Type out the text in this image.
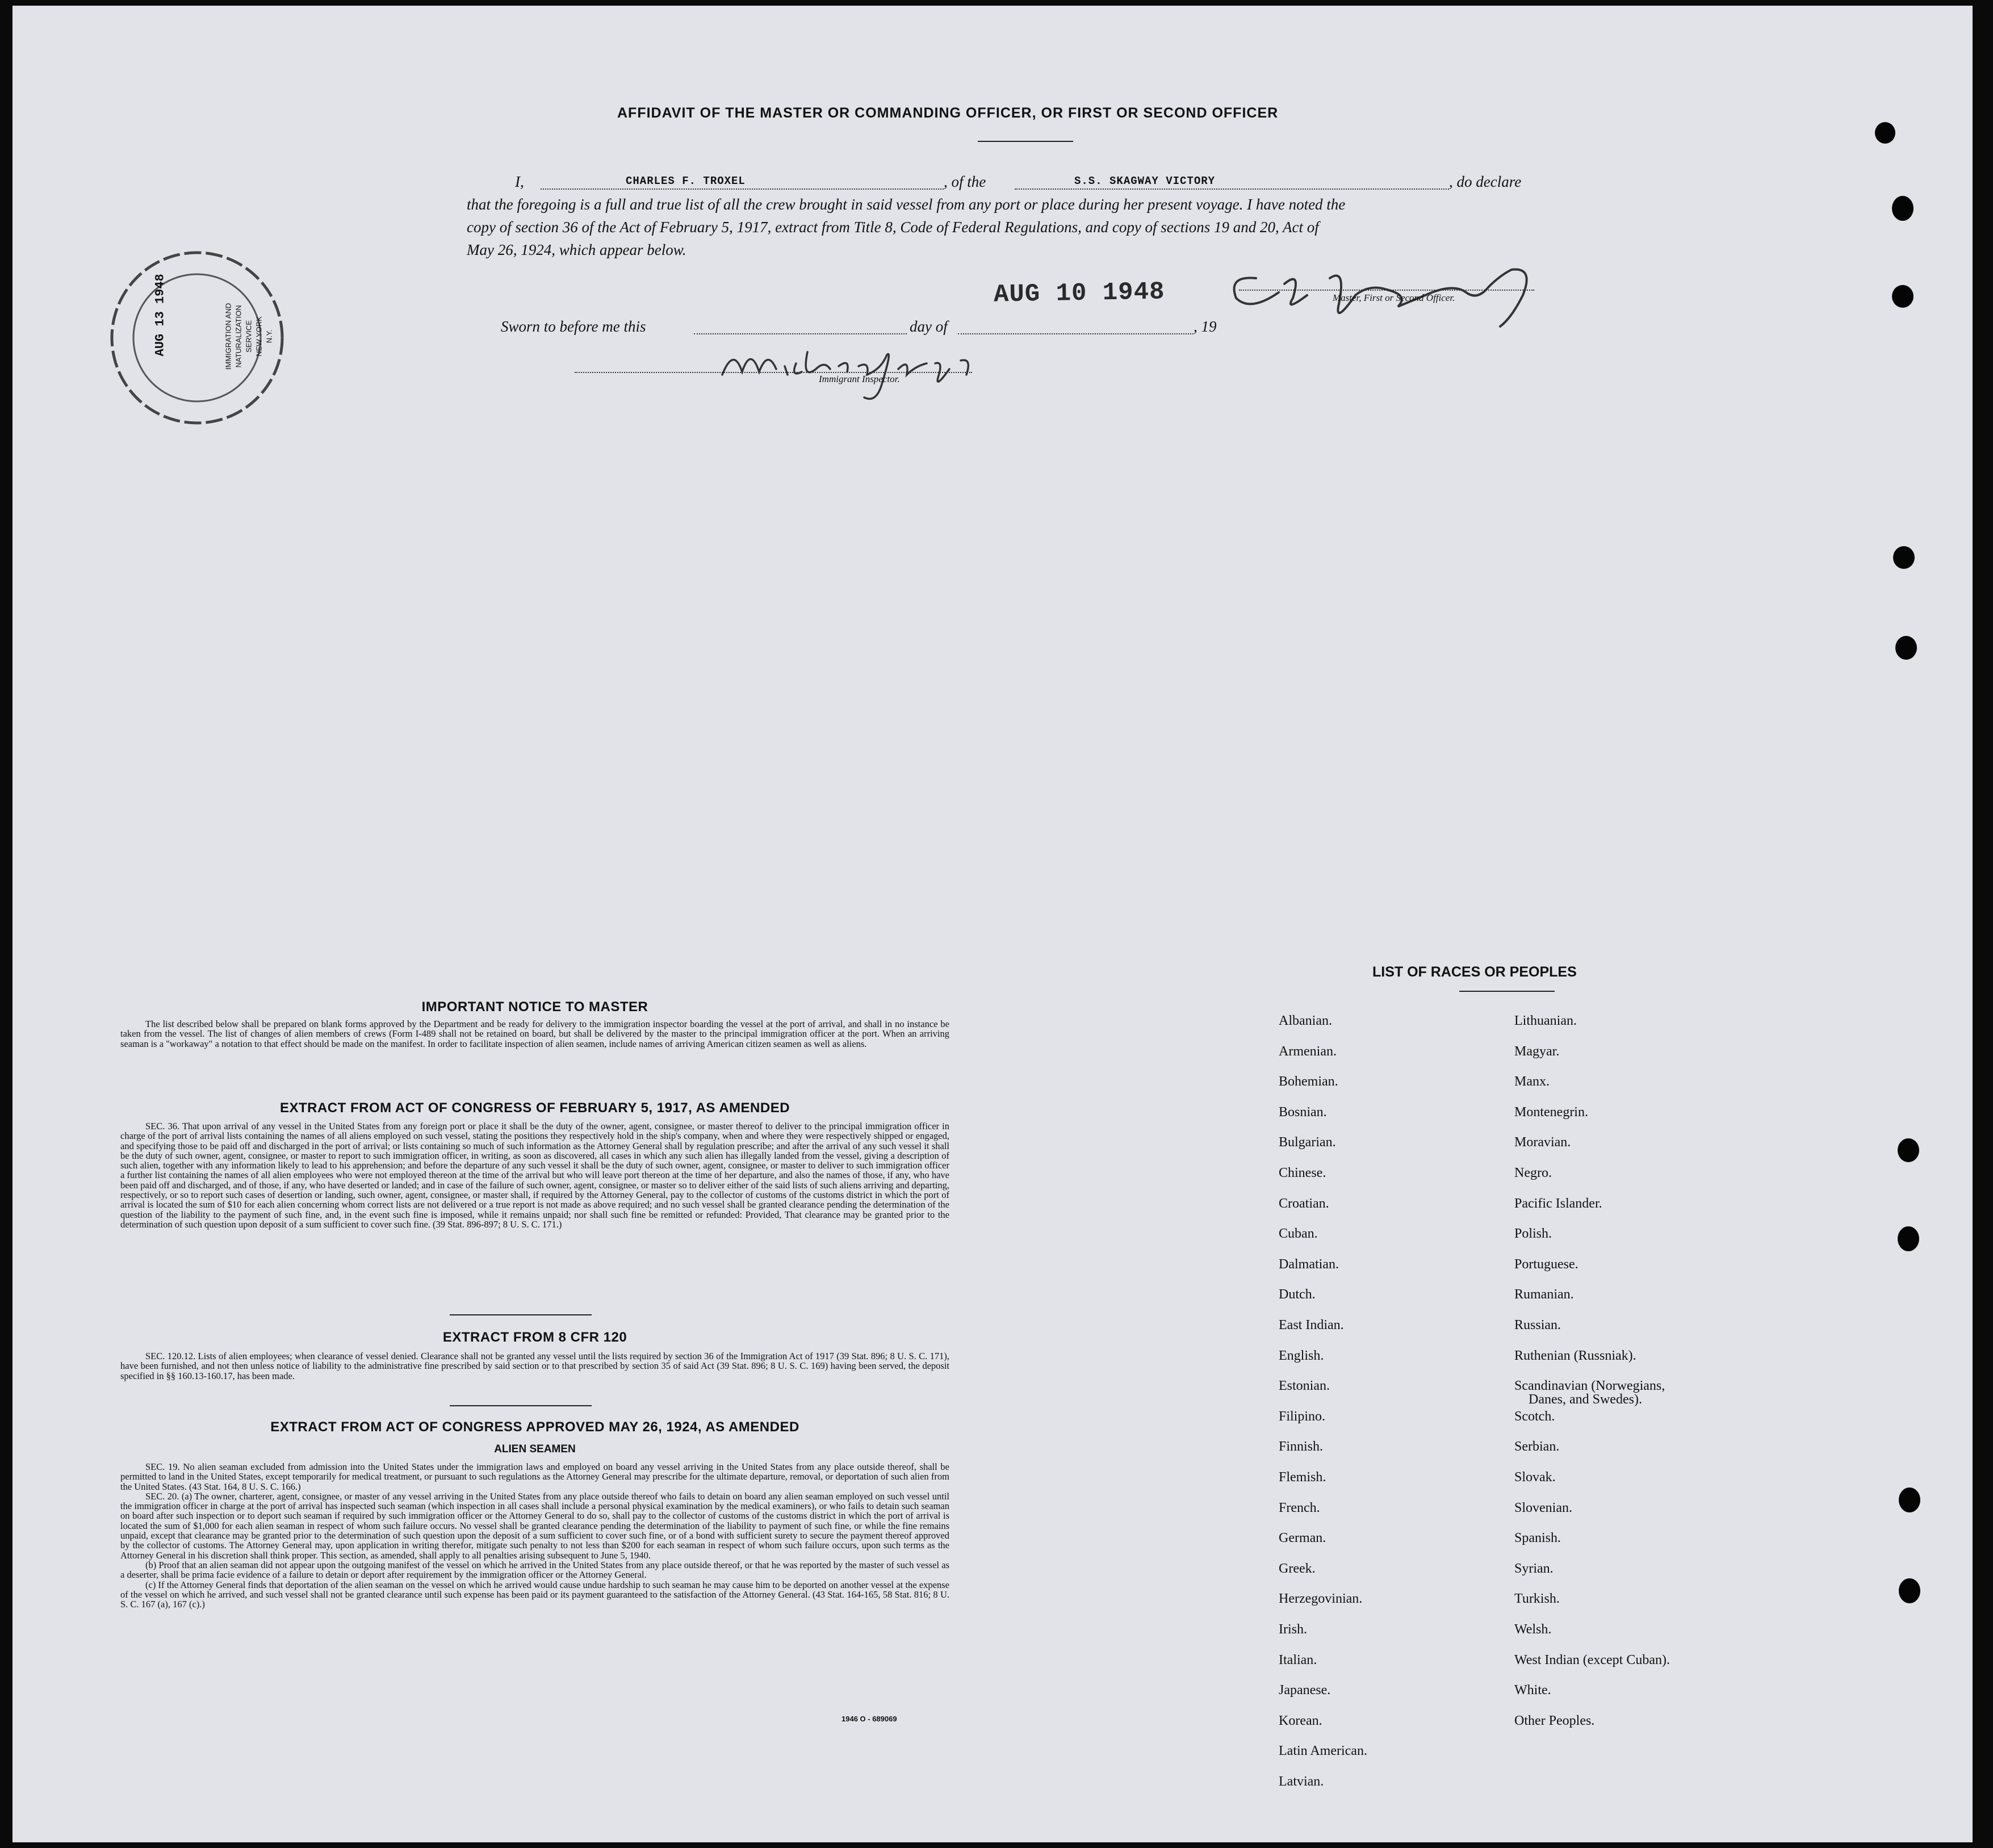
AFFIDAVIT OF THE MASTER OR COMMANDING OFFICER, OR FIRST OR SECOND OFFICER
I,	CHARLES F. TROXEL	, of the	S.S. SKAGWAY VICTORY	, do declare
that the foregoing is a full and true list of all the crew brought in said vessel from any port or place during her present voyage. I have noted the
copy of section 36 of the Act of February 5, 1917, extract from Title 8, Code of Federal Regulations, and copy of sections 19 and 20, Act of
May 26, 1924, which appear below.
AUG 10 1948	Master, First or Second Officer.
Sworn to before me this	day of	, 19
Immigrant Inspector.
AUG 13 1948	IMMIGRATION AND NATURALIZATION SERVICE NEW YORK N.Y.
IMPORTANT NOTICE TO MASTER

The list described below shall be prepared on blank forms approved by the Department and be ready for delivery to the immigration inspector boarding the vessel at the port of arrival, and shall in no instance be taken from the vessel. The list of changes of alien members of crews (Form I-489 shall not be retained on board, but shall be delivered by the master to the principal immigration officer at the port. When an arriving seaman is a "workaway" a notation to that effect should be made on the manifest. In order to facilitate inspection of alien seamen, include names of arriving American citizen seamen as well as aliens.

EXTRACT FROM ACT OF CONGRESS OF FEBRUARY 5, 1917, AS AMENDED

SEC. 36. That upon arrival of any vessel in the United States from any foreign port or place it shall be the duty of the owner, agent, consignee, or master thereof to deliver to the principal immigration officer in charge of the port of arrival lists containing the names of all aliens employed on such vessel, stating the positions they respectively hold in the ship's company, when and where they were respectively shipped or engaged, and specifying those to be paid off and discharged in the port of arrival; or lists containing so much of such information as the Attorney General shall by regulation prescribe; and after the arrival of any such vessel it shall be the duty of such owner, agent, consignee, or master to report to such immigration officer, in writing, as soon as discovered, all cases in which any such alien has illegally landed from the vessel, giving a description of such alien, together with any information likely to lead to his apprehension; and before the departure of any such vessel it shall be the duty of such owner, agent, consignee, or master to deliver to such immigration officer a further list containing the names of all alien employees who were not employed thereon at the time of the arrival but who will leave port thereon at the time of her departure, and also the names of those, if any, who have been paid off and discharged, and of those, if any, who have deserted or landed; and in case of the failure of such owner, agent, consignee, or master so to deliver either of the said lists of such aliens arriving and departing, respectively, or so to report such cases of desertion or landing, such owner, agent, consignee, or master shall, if required by the Attorney General, pay to the collector of customs of the customs district in which the port of arrival is located the sum of $10 for each alien concerning whom correct lists are not delivered or a true report is not made as above required; and no such vessel shall be granted clearance pending the determination of the question of the liability to the payment of such fine, and, in the event such fine is imposed, while it remains unpaid; nor shall such fine be remitted or refunded: Provided, That clearance may be granted prior to the determination of such question upon deposit of a sum sufficient to cover such fine. (39 Stat. 896-897; 8 U. S. C. 171.)

EXTRACT FROM 8 CFR 120

SEC. 120.12. Lists of alien employees; when clearance of vessel denied. Clearance shall not be granted any vessel until the lists required by section 36 of the Immigration Act of 1917 (39 Stat. 896; 8 U. S. C. 171), have been furnished, and not then unless notice of liability to the administrative fine prescribed by said section or to that prescribed by section 35 of said Act (39 Stat. 896; 8 U. S. C. 169) having been served, the deposit specified in §§ 160.13-160.17, has been made.

EXTRACT FROM ACT OF CONGRESS APPROVED MAY 26, 1924, AS AMENDED
ALIEN SEAMEN

SEC. 19. No alien seaman excluded from admission into the United States under the immigration laws and employed on board any vessel arriving in the United States from any place outside thereof, shall be permitted to land in the United States, except temporarily for medical treatment, or pursuant to such regulations as the Attorney General may prescribe for the ultimate departure, removal, or deportation of such alien from the United States. (43 Stat. 164, 8 U. S. C. 166.)

SEC. 20. (a) The owner, charterer, agent, consignee, or master of any vessel arriving in the United States from any place outside thereof who fails to detain on board any alien seaman employed on such vessel until the immigration officer in charge at the port of arrival has inspected such seaman (which inspection in all cases shall include a personal physical examination by the medical examiners), or who fails to detain such seaman on board after such inspection or to deport such seaman if required by such immigration officer or the Attorney General to do so, shall pay to the collector of customs of the customs district in which the port of arrival is located the sum of $1,000 for each alien seaman in respect of whom such failure occurs. No vessel shall be granted clearance pending the determination of the liability to payment of such fine, or while the fine remains unpaid, except that clearance may be granted prior to the determination of such question upon the deposit of a sum sufficient to cover such fine, or of a bond with sufficient surety to secure the payment thereof approved by the collector of customs. The Attorney General may, upon application in writing therefor, mitigate such penalty to not less than $200 for each seaman in respect of whom such failure occurs, upon such terms as the Attorney General in his discretion shall think proper. This section, as amended, shall apply to all penalties arising subsequent to June 5, 1940.

(b) Proof that an alien seaman did not appear upon the outgoing manifest of the vessel on which he arrived in the United States from any place outside thereof, or that he was reported by the master of such vessel as a deserter, shall be prima facie evidence of a failure to detain or deport after requirement by the immigration officer or the Attorney General.

(c) If the Attorney General finds that deportation of the alien seaman on the vessel on which he arrived would cause undue hardship to such seaman he may cause him to be deported on another vessel at the expense of the vessel on which he arrived, and such vessel shall not be granted clearance until such expense has been paid or its payment guaranteed to the satisfaction of the Attorney General. (43 Stat. 164-165, 58 Stat. 816; 8 U. S. C. 167 (a), 167 (c).)

1946 O - 689069
LIST OF RACES OR PEOPLES
Albanian.
Armenian.
Bohemian.
Bosnian.
Bulgarian.
Chinese.
Croatian.
Cuban.
Dalmatian.
Dutch.
East Indian.
English.
Estonian.
Filipino.
Finnish.
Flemish.
French.
German.
Greek.
Herzegovinian.
Irish.
Italian.
Japanese.
Korean.
Latin American.
Latvian.
Lithuanian.
Magyar.
Manx.
Montenegrin.
Moravian.
Negro.
Pacific Islander.
Polish.
Portuguese.
Rumanian.
Russian.
Ruthenian (Russniak).
Scandinavian (Norwegians,
Danes, and Swedes).
Scotch.
Serbian.
Slovak.
Slovenian.
Spanish.
Syrian.
Turkish.
Welsh.
West Indian (except Cuban).
White.
Other Peoples.
